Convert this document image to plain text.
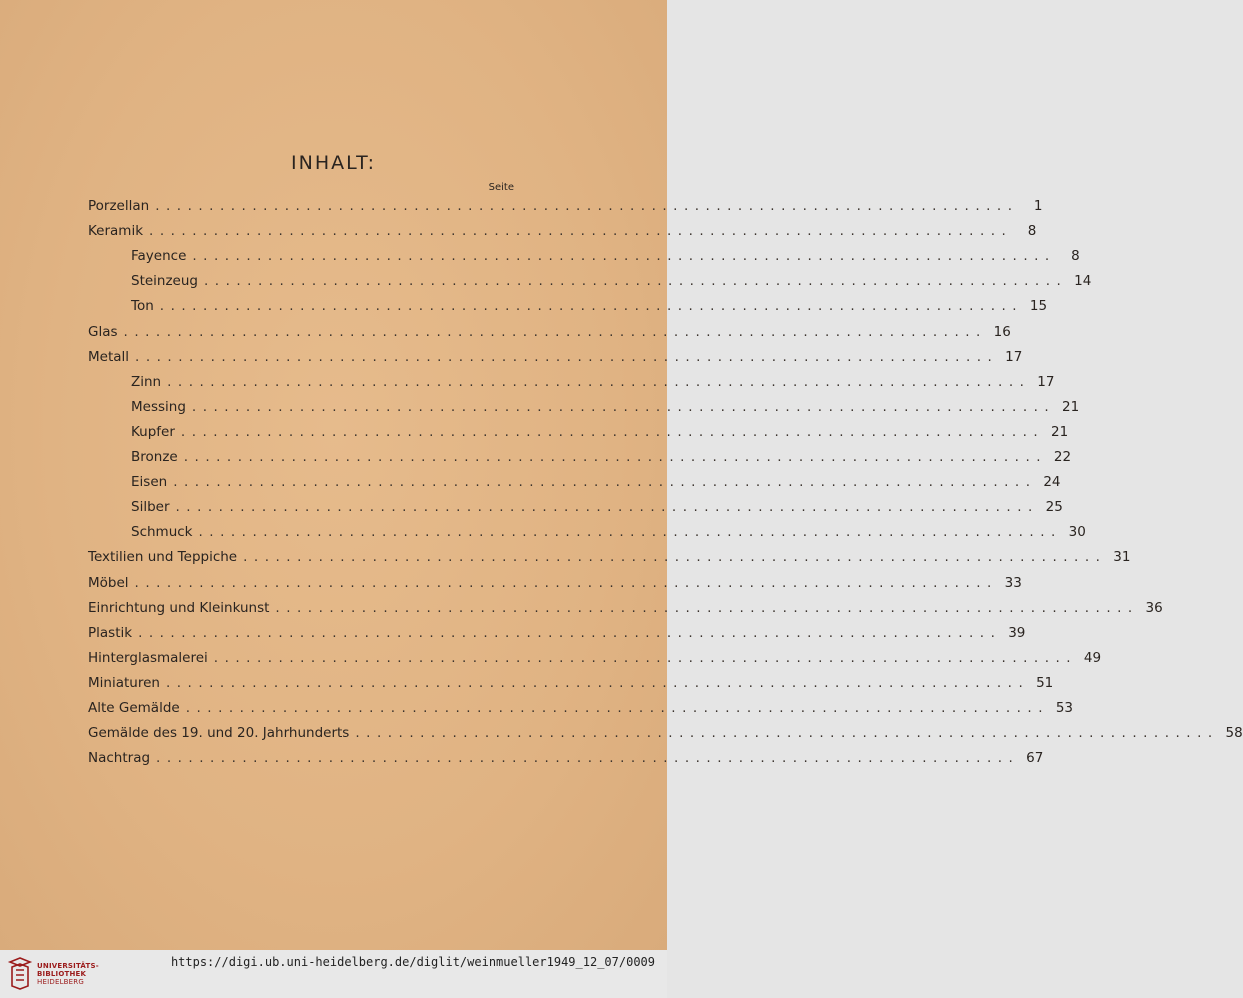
INHALT:
Seite
Porzellan ................................................................................	1
Keramik ................................................................................	8
Fayence ................................................................................	8
Steinzeug ................................................................................ 14
Ton ................................................................................ 15
Glas ................................................................................ 16
Metall ................................................................................ 17
Zinn ................................................................................ 17
Messing ................................................................................ 21
Kupfer ................................................................................ 21
Bronze ................................................................................ 22
Eisen ................................................................................ 24
Silber ................................................................................ 25
Schmuck ................................................................................ 30
Textilien und Teppiche ................................................................................ 31
Möbel ................................................................................ 33
Einrichtung und Kleinkunst ................................................................................ 36
Plastik ................................................................................ 39
Hinterglasmalerei ................................................................................ 49
Miniaturen ................................................................................ 51
Alte Gemälde ................................................................................ 53
Gemälde des 19. und 20. Jahrhunderts ................................................................................ 58
Nachtrag ................................................................................ 67
UNIVERSITÄTS-
BIBLIOTHEK
HEIDELBERG
https://digi.ub.uni-heidelberg.de/diglit/weinmueller1949_12_07/0009
